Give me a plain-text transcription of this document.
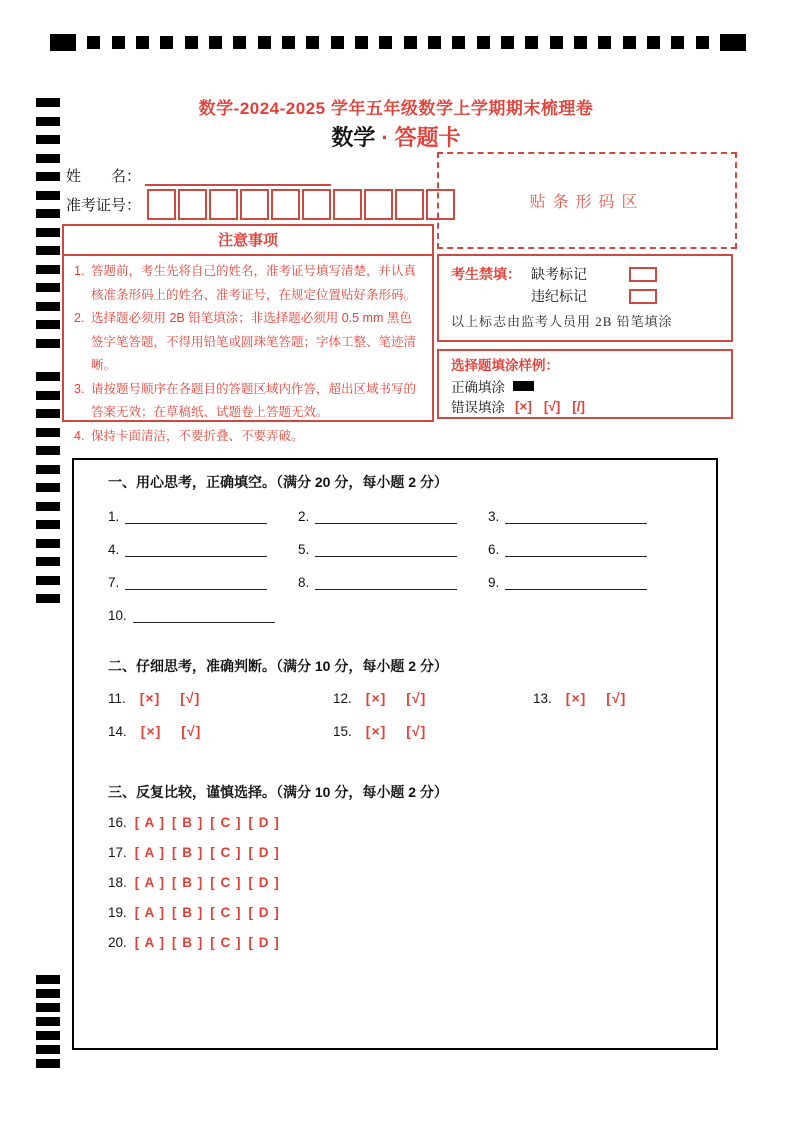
数学-2024-2025 学年五年级数学上学期期末梳理卷
数学 · 答题卡
姓　　名：
准考证号：
注意事项
1. 答题前，考生先将自己的姓名，准考证号填写清楚，并认真核准条形码上的姓名、准考证号，在规定位置贴好条形码。
2. 选择题必须用 2B 铅笔填涂；非选择题必须用 0.5 mm 黑色签字笔答题，不得用铅笔或圆珠笔答题；字体工整、笔迹清晰。
3. 请按题号顺序在各题目的答题区域内作答，超出区域书写的答案无效；在草稿纸、试题卷上答题无效。
4. 保持卡面清洁，不要折叠、不要弄破。
贴条形码区
考生禁填： 缺考标记
违纪标记
以上标志由监考人员用 2B 铅笔填涂
选择题填涂样例：
正确填涂
错误填涂 [×] [√] [/]
一、用心思考，正确填空。（满分 20 分，每小题 2 分）
1.	2.	3.
4.	5.	6.
7.	8.	9.
10.
二、仔细思考，准确判断。（满分 10 分，每小题 2 分）
11. [×] [√]	12. [×] [√]	13. [×] [√]
14. [×] [√]	15. [×] [√]
三、反复比较，谨慎选择。（满分 10 分，每小题 2 分）
16. [ A ] [ B ] [ C ] [ D ]
17. [ A ] [ B ] [ C ] [ D ]
18. [ A ] [ B ] [ C ] [ D ]
19. [ A ] [ B ] [ C ] [ D ]
20. [ A ] [ B ] [ C ] [ D ]
